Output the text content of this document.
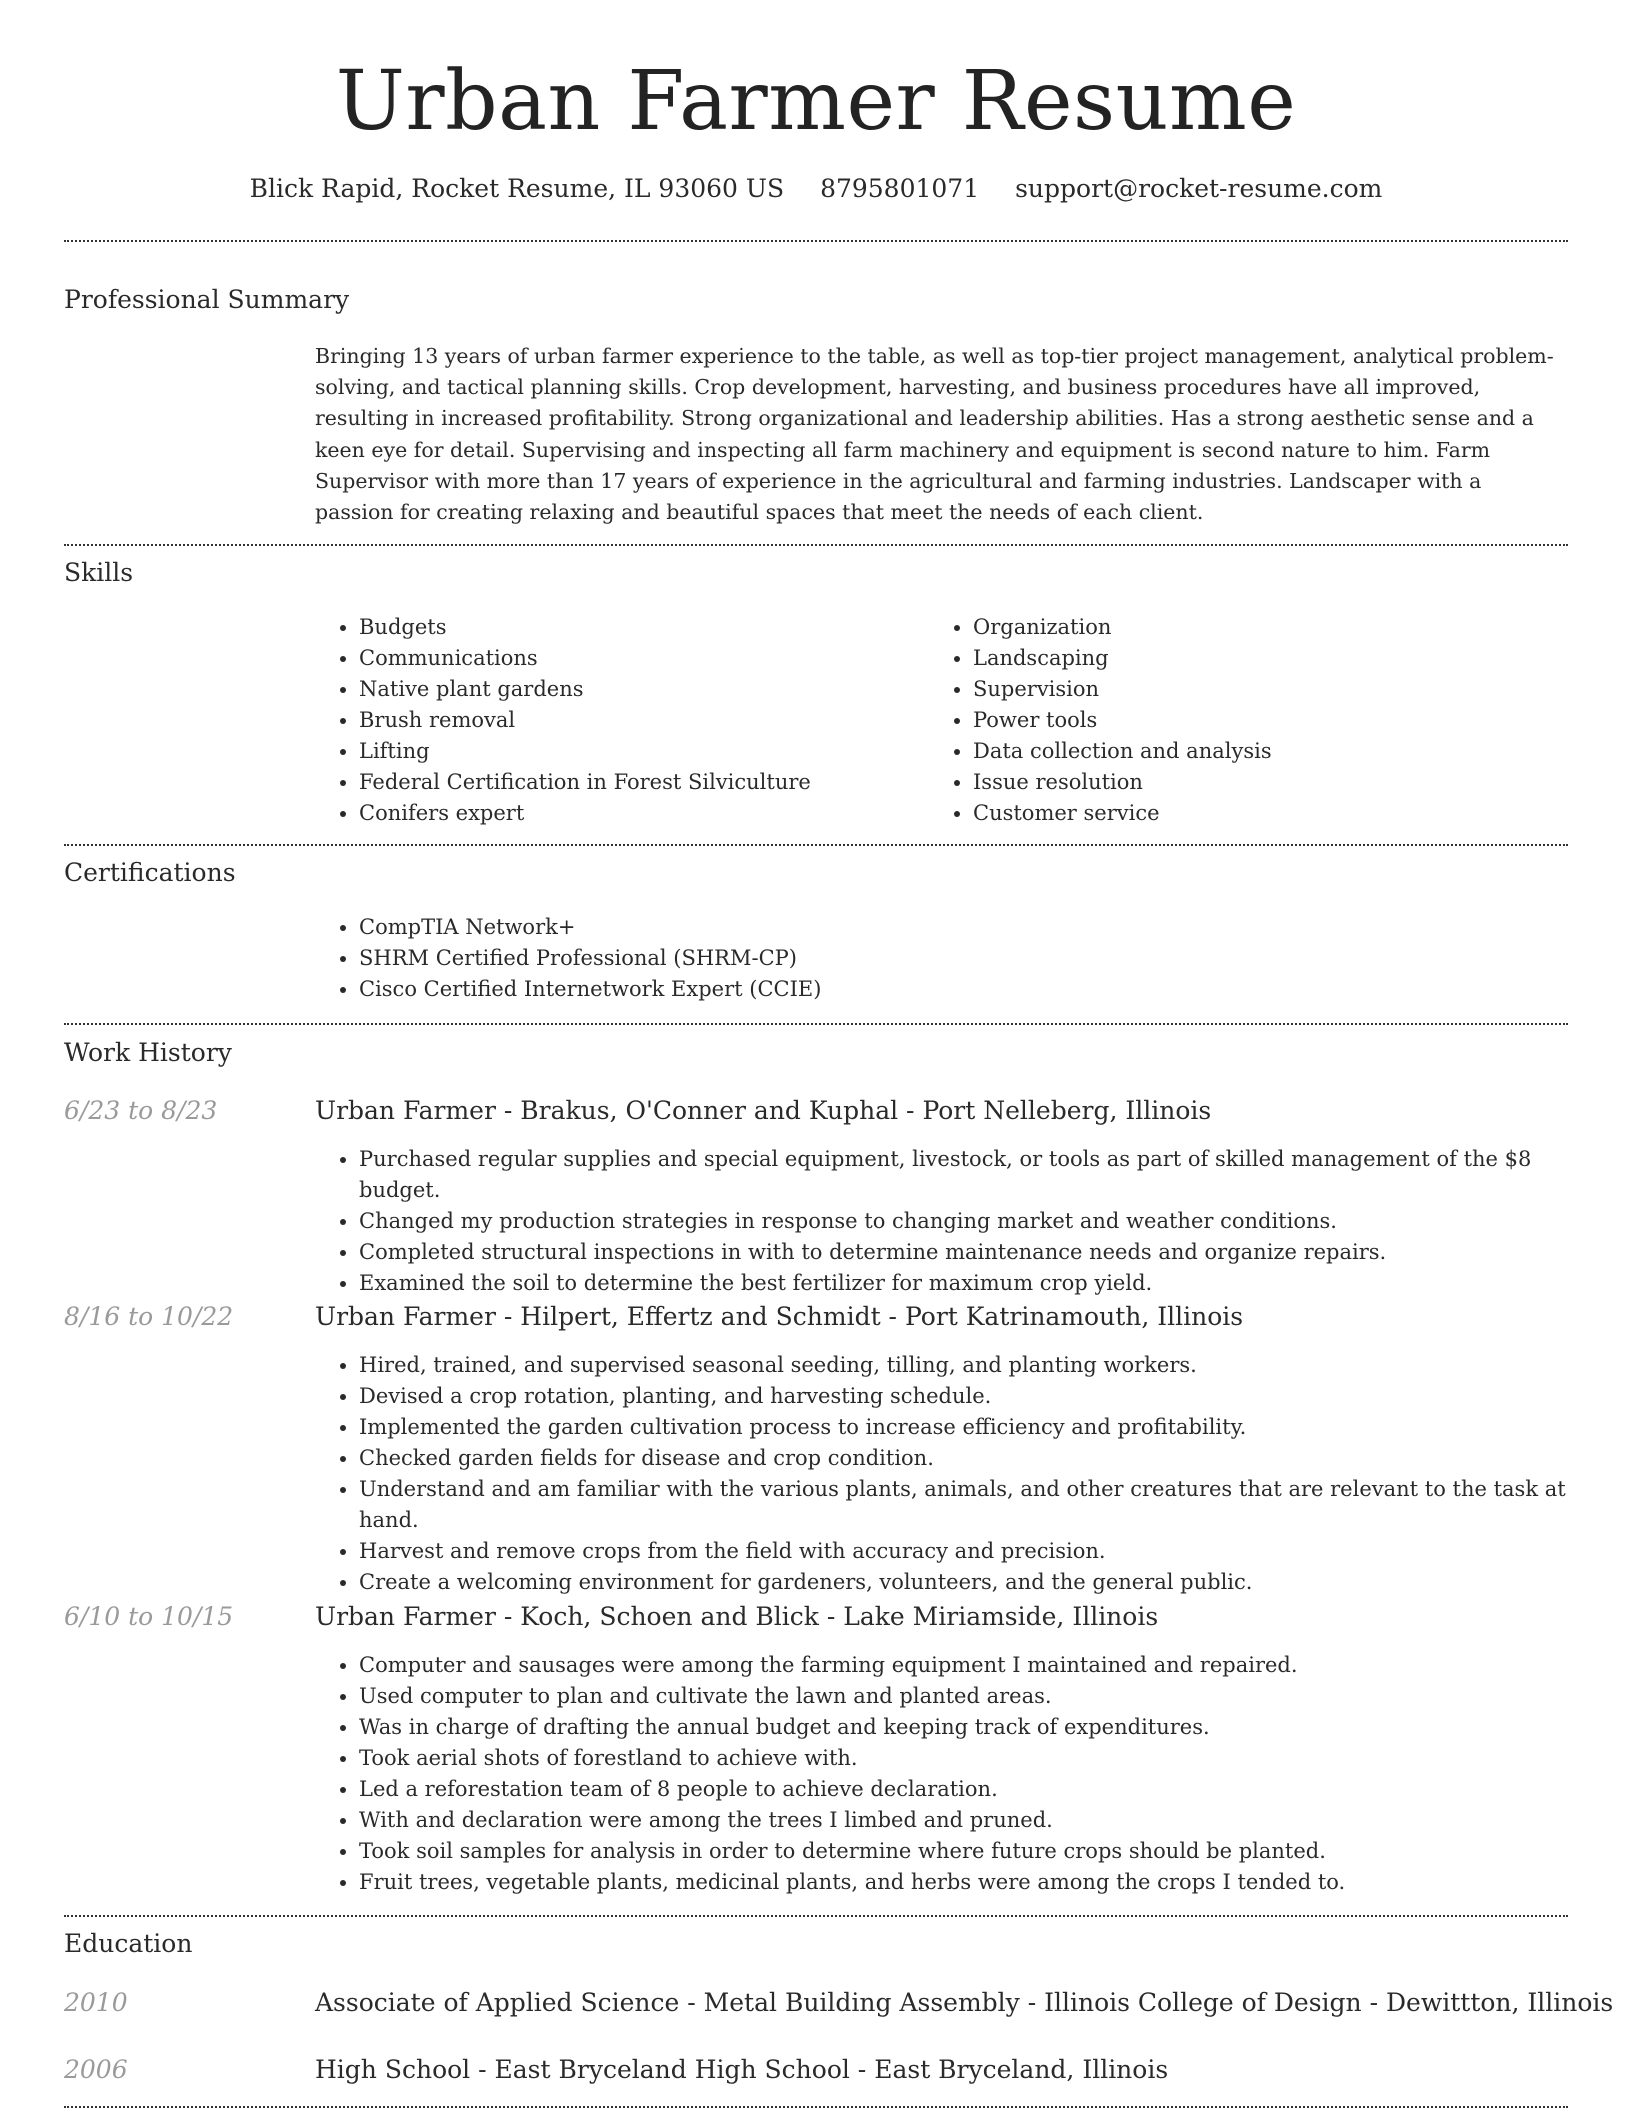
Urban Farmer Resume
Blick Rapid, Rocket Resume, IL 93060 US 8795801071 support@rocket-resume.com
Professional Summary

Bringing 13 years of urban farmer experience to the table, as well as top-tier project management, analytical problem-solving, and tactical planning skills. Crop development, harvesting, and business procedures have all improved, resulting in increased profitability. Strong organizational and leadership abilities. Has a strong aesthetic sense and a keen eye for detail. Supervising and inspecting all farm machinery and equipment is second nature to him. Farm Supervisor with more than 17 years of experience in the agricultural and farming industries. Landscaper with a passion for creating relaxing and beautiful spaces that meet the needs of each client.

Skills
• Budgets
• Communications
• Native plant gardens
• Brush removal
• Lifting
• Federal Certification in Forest Silviculture
• Conifers expert
• Organization
• Landscaping
• Supervision
• Power tools
• Data collection and analysis
• Issue resolution
• Customer service
Certifications
• CompTIA Network+
• SHRM Certified Professional (SHRM-CP)
• Cisco Certified Internetwork Expert (CCIE)
Work History
6/23 to 8/23	Urban Farmer - Brakus, O'Conner and Kuphal - Port Nelleberg, Illinois
• Purchased regular supplies and special equipment, livestock, or tools as part of skilled management of the $8 budget.
• Changed my production strategies in response to changing market and weather conditions.
• Completed structural inspections in with to determine maintenance needs and organize repairs.
• Examined the soil to determine the best fertilizer for maximum crop yield.
8/16 to 10/22	Urban Farmer - Hilpert, Effertz and Schmidt - Port Katrinamouth, Illinois
• Hired, trained, and supervised seasonal seeding, tilling, and planting workers.
• Devised a crop rotation, planting, and harvesting schedule.
• Implemented the garden cultivation process to increase efficiency and profitability.
• Checked garden fields for disease and crop condition.
• Understand and am familiar with the various plants, animals, and other creatures that are relevant to the task at hand.
• Harvest and remove crops from the field with accuracy and precision.
• Create a welcoming environment for gardeners, volunteers, and the general public.
6/10 to 10/15	Urban Farmer - Koch, Schoen and Blick - Lake Miriamside, Illinois
• Computer and sausages were among the farming equipment I maintained and repaired.
• Used computer to plan and cultivate the lawn and planted areas.
• Was in charge of drafting the annual budget and keeping track of expenditures.
• Took aerial shots of forestland to achieve with.
• Led a reforestation team of 8 people to achieve declaration.
• With and declaration were among the trees I limbed and pruned.
• Took soil samples for analysis in order to determine where future crops should be planted.
• Fruit trees, vegetable plants, medicinal plants, and herbs were among the crops I tended to.
Education
2010	Associate of Applied Science - Metal Building Assembly - Illinois College of Design - Dewittton, Illinois
2006	High School - East Bryceland High School - East Bryceland, Illinois
